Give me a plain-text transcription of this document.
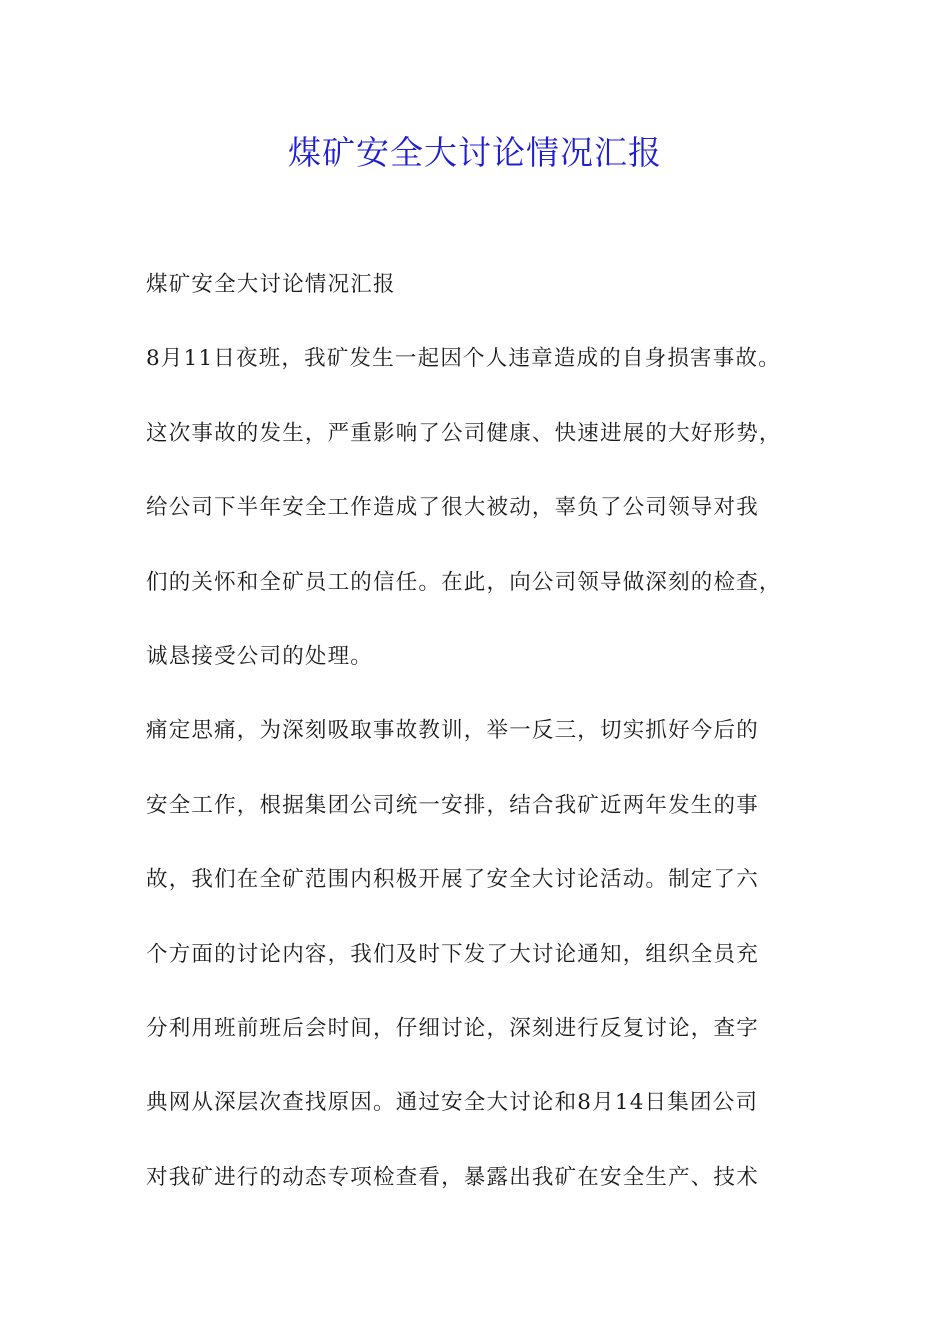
煤矿安全大讨论情况汇报
煤矿安全大讨论情况汇报
8月11日夜班，我矿发生一起因个人违章造成的自身损害事故。
这次事故的发生，严重影响了公司健康、快速进展的大好形势，
给公司下半年安全工作造成了很大被动，辜负了公司领导对我
们的关怀和全矿员工的信任。在此，向公司领导做深刻的检查，
诚恳接受公司的处理。
痛定思痛，为深刻吸取事故教训，举一反三，切实抓好今后的
安全工作，根据集团公司统一安排，结合我矿近两年发生的事
故，我们在全矿范围内积极开展了安全大讨论活动。制定了六
个方面的讨论内容，我们及时下发了大讨论通知，组织全员充
分利用班前班后会时间，仔细讨论，深刻进行反复讨论，查字
典网从深层次查找原因。通过安全大讨论和8月14日集团公司
对我矿进行的动态专项检查看，暴露出我矿在安全生产、技术
